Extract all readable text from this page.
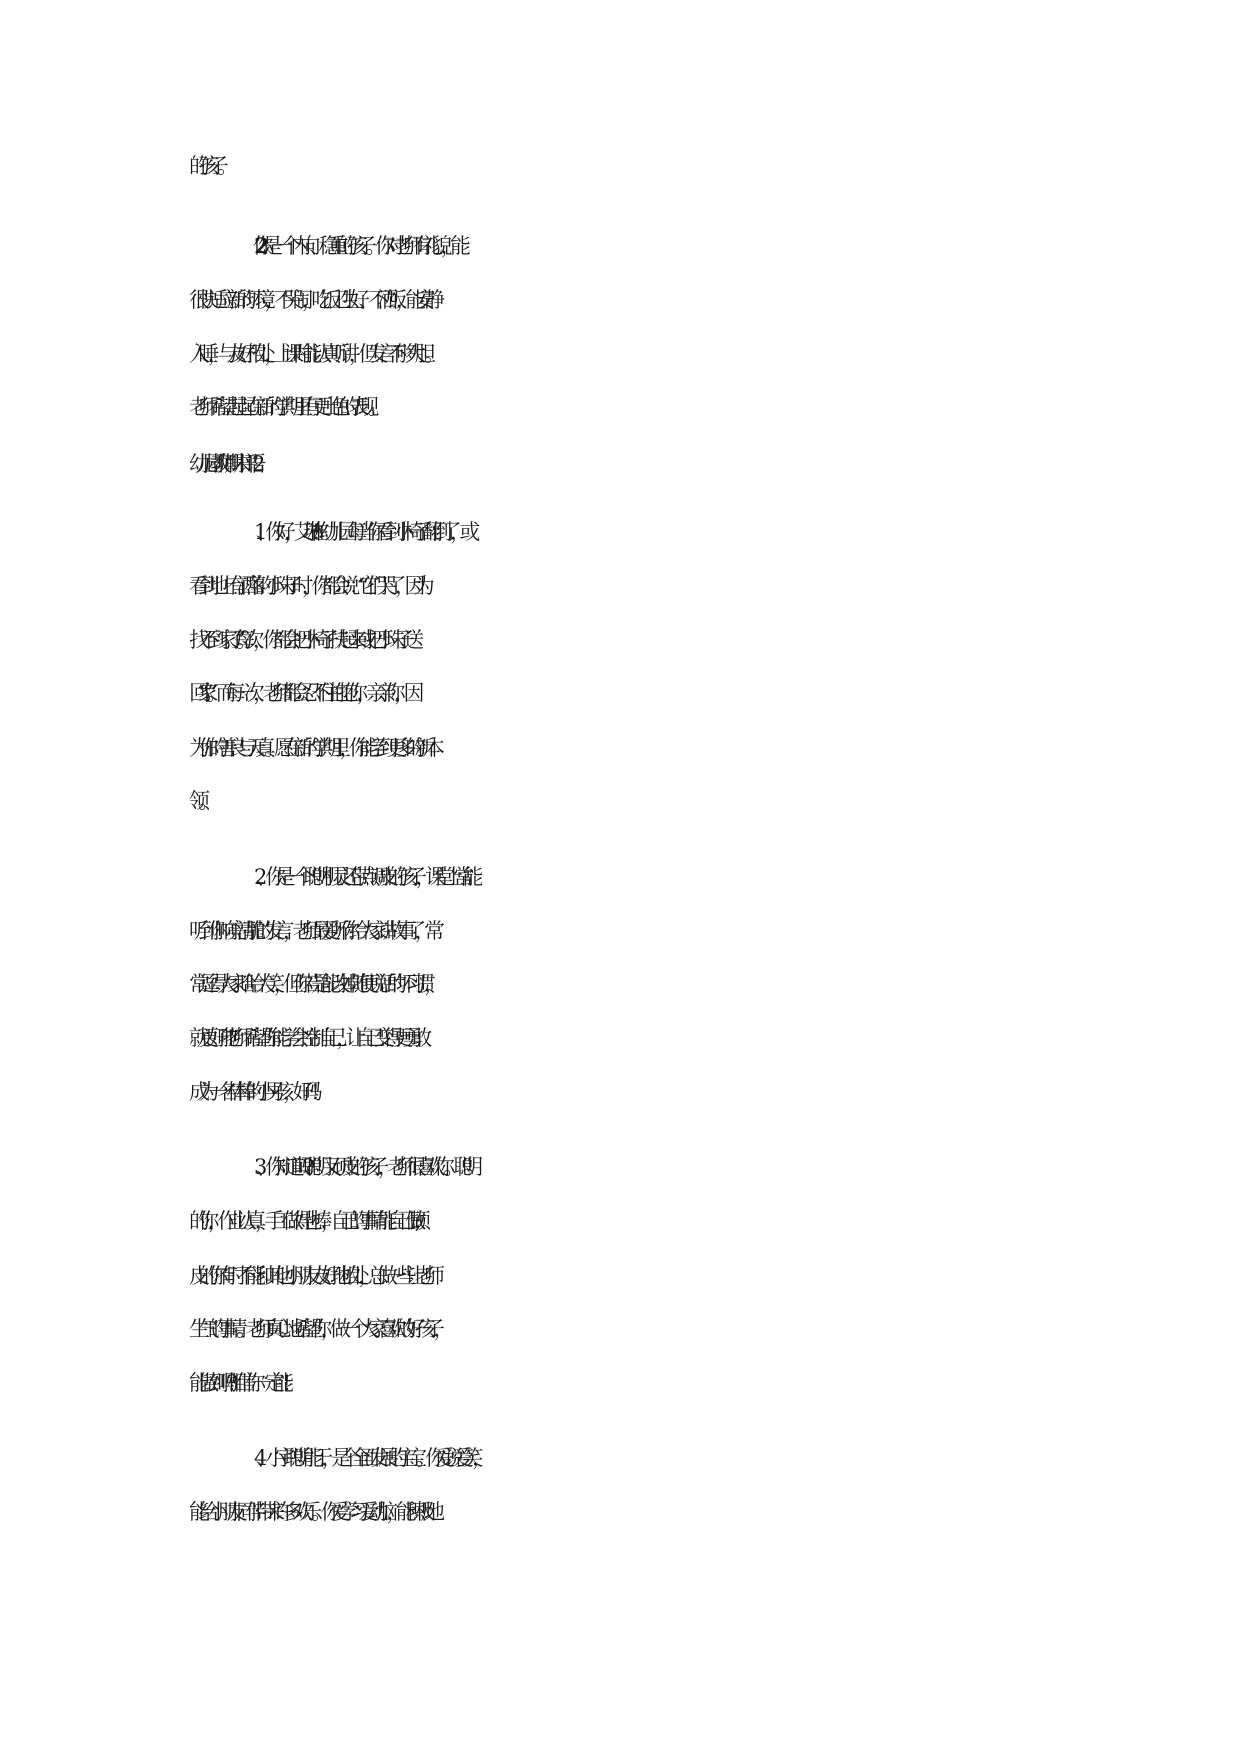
的孩子。
22.你是一个内向、稳重的孩子。你对老师有礼貌，能
很快适应新的环境，不哭闹，吃饭卫生好、不洒饭，能安静
入睡，与友好相处，上课时能认真听讲，但发言不够大胆。
老师希望起起在新的学期里有更出色的表现。
幼儿园教师期末评语2
1、你好，艾琳!在幼儿园每当你看到小椅子翻倒了，或
看到地上有洒落的小珠子时，你都会说：“它们哭了，因为
找不到家了。”每次，你都会把小椅子扶起来或把小珠子送
回“家”。而每一次，老师都会忍不住抱抱你，亲亲你，因
为你的善良与天真。愿在新的学期里，你能学到更多的新本
领。
2、你是一个聪明机灵还带点调皮的孩子，课堂上常能
听到你响亮清脆的发言，老师最爱听你给大家讲故事了，常
常逗得大家哈哈大笑，但你若是能改掉随便说话的坏习惯，
就更好啦!老师希望你能学会控制自己，让自己变得更勇敢
成为一名棒棒的小男孩，好吗!
3、你知道吗?聪明又顽皮的孩子，老师很喜欢你。聪明
的你，作业认真，手工做得也棒，自己的事情能自己做;顽
皮的你有时不能和其他小朋友友好地相处，总做一些让老师
生气的事情。老师真心地希望你，做一个大家喜欢的好孩子，
能做到吗?相信你一定能!
4、小宇聪明能干，是个全面发展的宝宝。你爱说爱笑，
能给小朋友同伴带来许多欢乐。你爱学习爱动脑，能积极地
